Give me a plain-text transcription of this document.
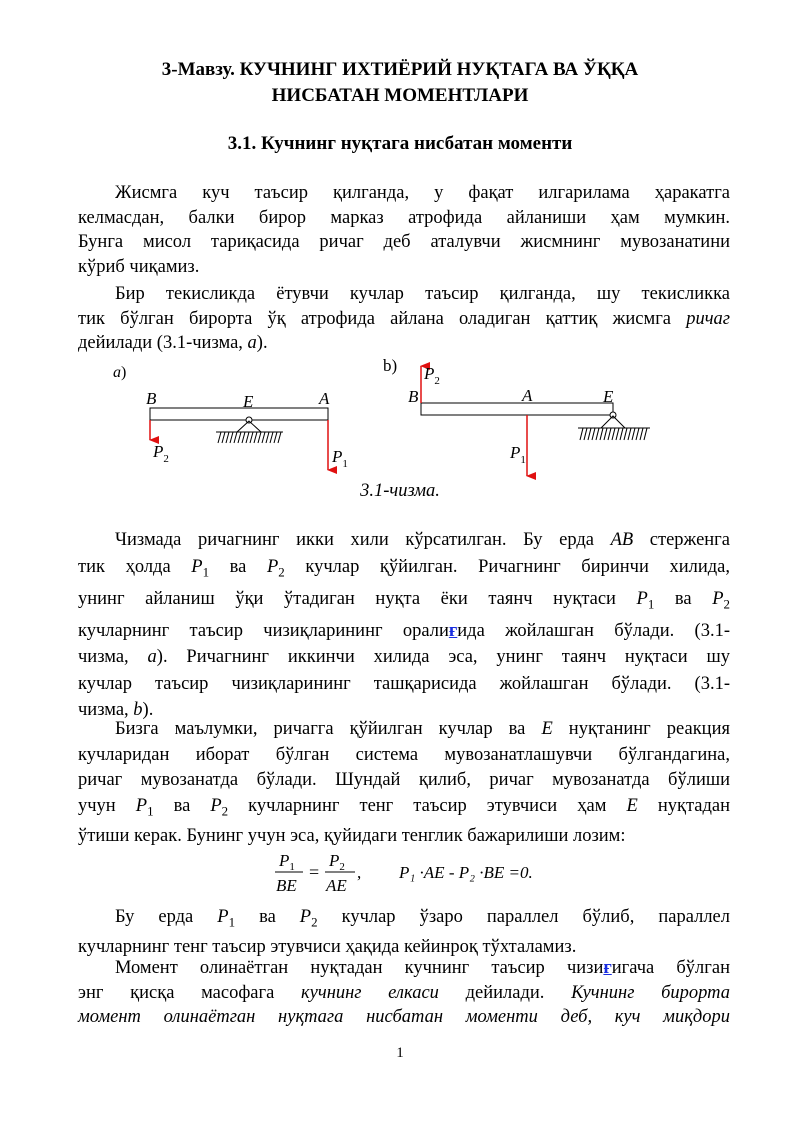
3-Мавзу. КУЧНИНГ ИХТИЁРИЙ НУҚТАГА ВА ЎҚҚА
НИСБАТАН МОМЕНТЛАРИ
3.1. Кучнинг нуқтага нисбатан моменти
Жисмга куч таъсир қилганда, у фақат илгарилама ҳаракатга
келмасдан, балки бирор марказ атрофида айланиши ҳам мумкин.
Бунга мисол тариқасида ричаг деб аталувчи жисмнинг мувозанатини
кўриб чиқамиз.
Бир текисликда ётувчи кучлар таъсир қилганда, шу текисликка
тик бўлган бирорта ўқ атрофида айлана оладиган қаттиқ жисмга ричаг
дейилади (3.1-чизма, a).
a)
B	E	A
$P_2$	$P_1$
b)
B	A	E
$P_2$
$P_1$
3.1-чизма.
Чизмада ричагнинг икки хили кўрсатилган. Бу ерда AB стерженга
тик ҳолда $P_1$ ва $P_2$ кучлар қўйилган. Ричагнинг биринчи хилида,
унинг айланиш ўқи ўтадиган нуқта ёки таянч нуқтаси $P_1$ ва $P_2$
кучларнинг таъсир чизиқларининг оралиғида жойлашган бўлади. (3.1-
чизма, a). Ричагнинг иккинчи хилида эса, унинг таянч нуқтаси шу
кучлар таъсир чизиқларининг ташқарисида жойлашган бўлади. (3.1-
чизма, b).
Бизга маълумки, ричагга қўйилган кучлар ва E нуқтанинг реакция
кучларидан иборат бўлган система мувозанатлашувчи бўлгандагина,
ричаг мувозанатда бўлади. Шундай қилиб, ричаг мувозанатда бўлиши
учун $P_1$ ва $P_2$ кучларнинг тенг таъсир этувчиси ҳам E нуқтадан
ўтиши керак. Бунинг учун эса, қуйидаги тенглик бажарилиши лозим:
$P_1$
BE
=
$P_2$
AE
, P₁ ·AE - P₂ ·BE =0.
Бу ерда $P_1$ ва $P_2$ кучлар ўзаро параллел бўлиб, параллел
кучларнинг тенг таъсир этувчиси ҳақида кейинроқ тўхталамиз.
Момент олинаётган нуқтадан кучнинг таъсир чизиғигача бўлган
энг қисқа масофага кучнинг елкаси дейилади. Кучнинг бирорта
момент олинаётган нуқтага нисбатан моменти деб, куч миқдори
1
